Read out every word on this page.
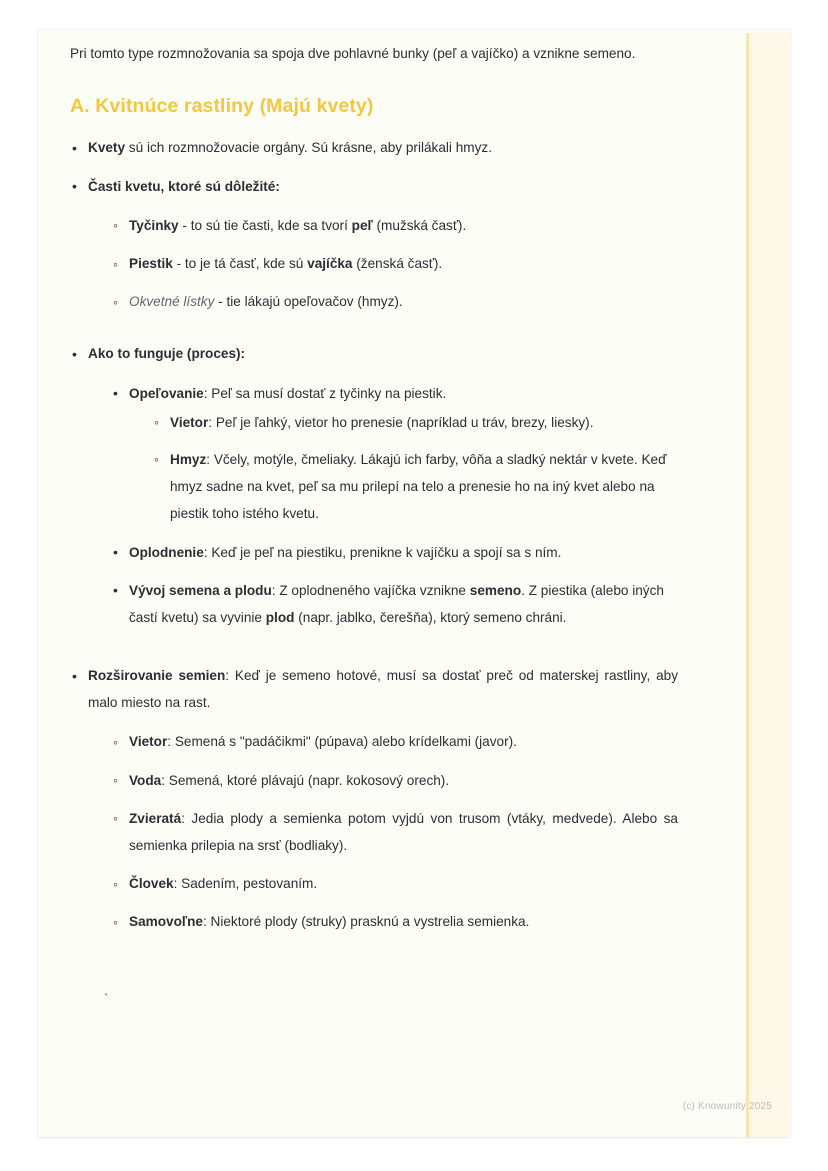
Pri tomto type rozmnožovania sa spoja dve pohlavné bunky (peľ a vajíčko) a vznikne semeno.

A. Kvitnúce rastliny (Majú kvety)
• Kvety sú ich rozmnožovacie orgány. Sú krásne, aby prilákali hmyz.
• Časti kvetu, ktoré sú dôležité:
◦ Tyčinky - to sú tie časti, kde sa tvorí peľ (mužská časť).
◦ Piestik - to je tá časť, kde sú vajíčka (ženská časť).
◦ Okvetné lístky - tie lákajú opeľovačov (hmyz).
• Ako to funguje (proces):
• Opeľovanie: Peľ sa musí dostať z tyčinky na piestik.
◦ Vietor: Peľ je ľahký, vietor ho prenesie (napríklad u tráv, brezy, liesky).
◦ Hmyz: Včely, motýle, čmeliaky. Lákajú ich farby, vôňa a sladký nektár v kvete. Keď hmyz sadne na kvet, peľ sa mu prilepí na telo a prenesie ho na iný kvet alebo na piestik toho istého kvetu.
• Oplodnenie: Keď je peľ na piestiku, prenikne k vajíčku a spojí sa s ním.
• Vývoj semena a plodu: Z oplodneného vajíčka vznikne semeno. Z piestika (alebo iných častí kvetu) sa vyvinie plod (napr. jablko, čerešňa), ktorý semeno chráni.
• Rozširovanie semien: Keď je semeno hotové, musí sa dostať preč od materskej rastliny, aby malo miesto na rast.
◦ Vietor: Semená s "padáčikmi" (púpava) alebo krídelkami (javor).
◦ Voda: Semená, ktoré plávajú (napr. kokosový orech).
◦ Zvieratá: Jedia plody a semienka potom vyjdú von trusom (vtáky, medvede). Alebo sa semienka prilepia na srsť (bodliaky).
◦ Človek: Sadením, pestovaním.
◦ Samovoľne: Niektoré plody (struky) prasknú a vystrelia semienka.
`
(c) Knowunity 2025
